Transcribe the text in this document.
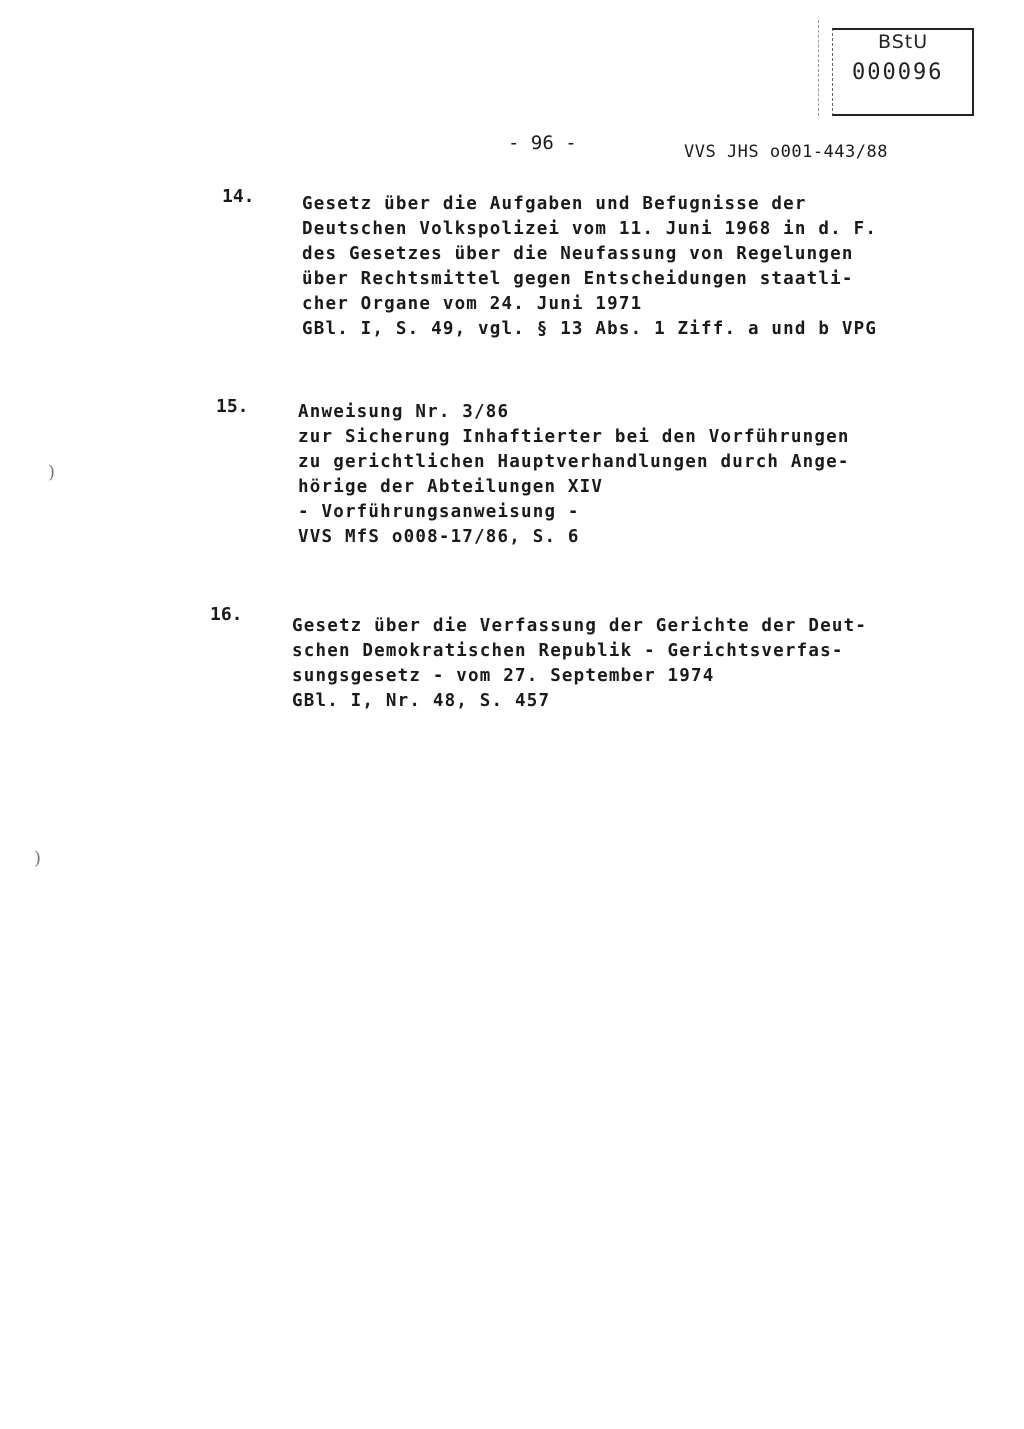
BStU
000096
- 96 -	VVS JHS o001-443/88
14.	Gesetz über die Aufgaben und Befugnisse der
Deutschen Volkspolizei vom 11. Juni 1968 in d. F.
des Gesetzes über die Neufassung von Regelungen
über Rechtsmittel gegen Entscheidungen staatli-
cher Organe vom 24. Juni 1971
GBl. I, S. 49, vgl. § 13 Abs. 1 Ziff. a und b VPG
15.	Anweisung Nr. 3/86
zur Sicherung Inhaftierter bei den Vorführungen
zu gerichtlichen Hauptverhandlungen durch Ange-
hörige der Abteilungen XIV
- Vorführungsanweisung -
VVS MfS o008-17/86, S. 6
16.
Gesetz über die Verfassung der Gerichte der Deut-
schen Demokratischen Republik - Gerichtsverfas-
sungsgesetz - vom 27. September 1974
GBl. I, Nr. 48, S. 457
)
)
